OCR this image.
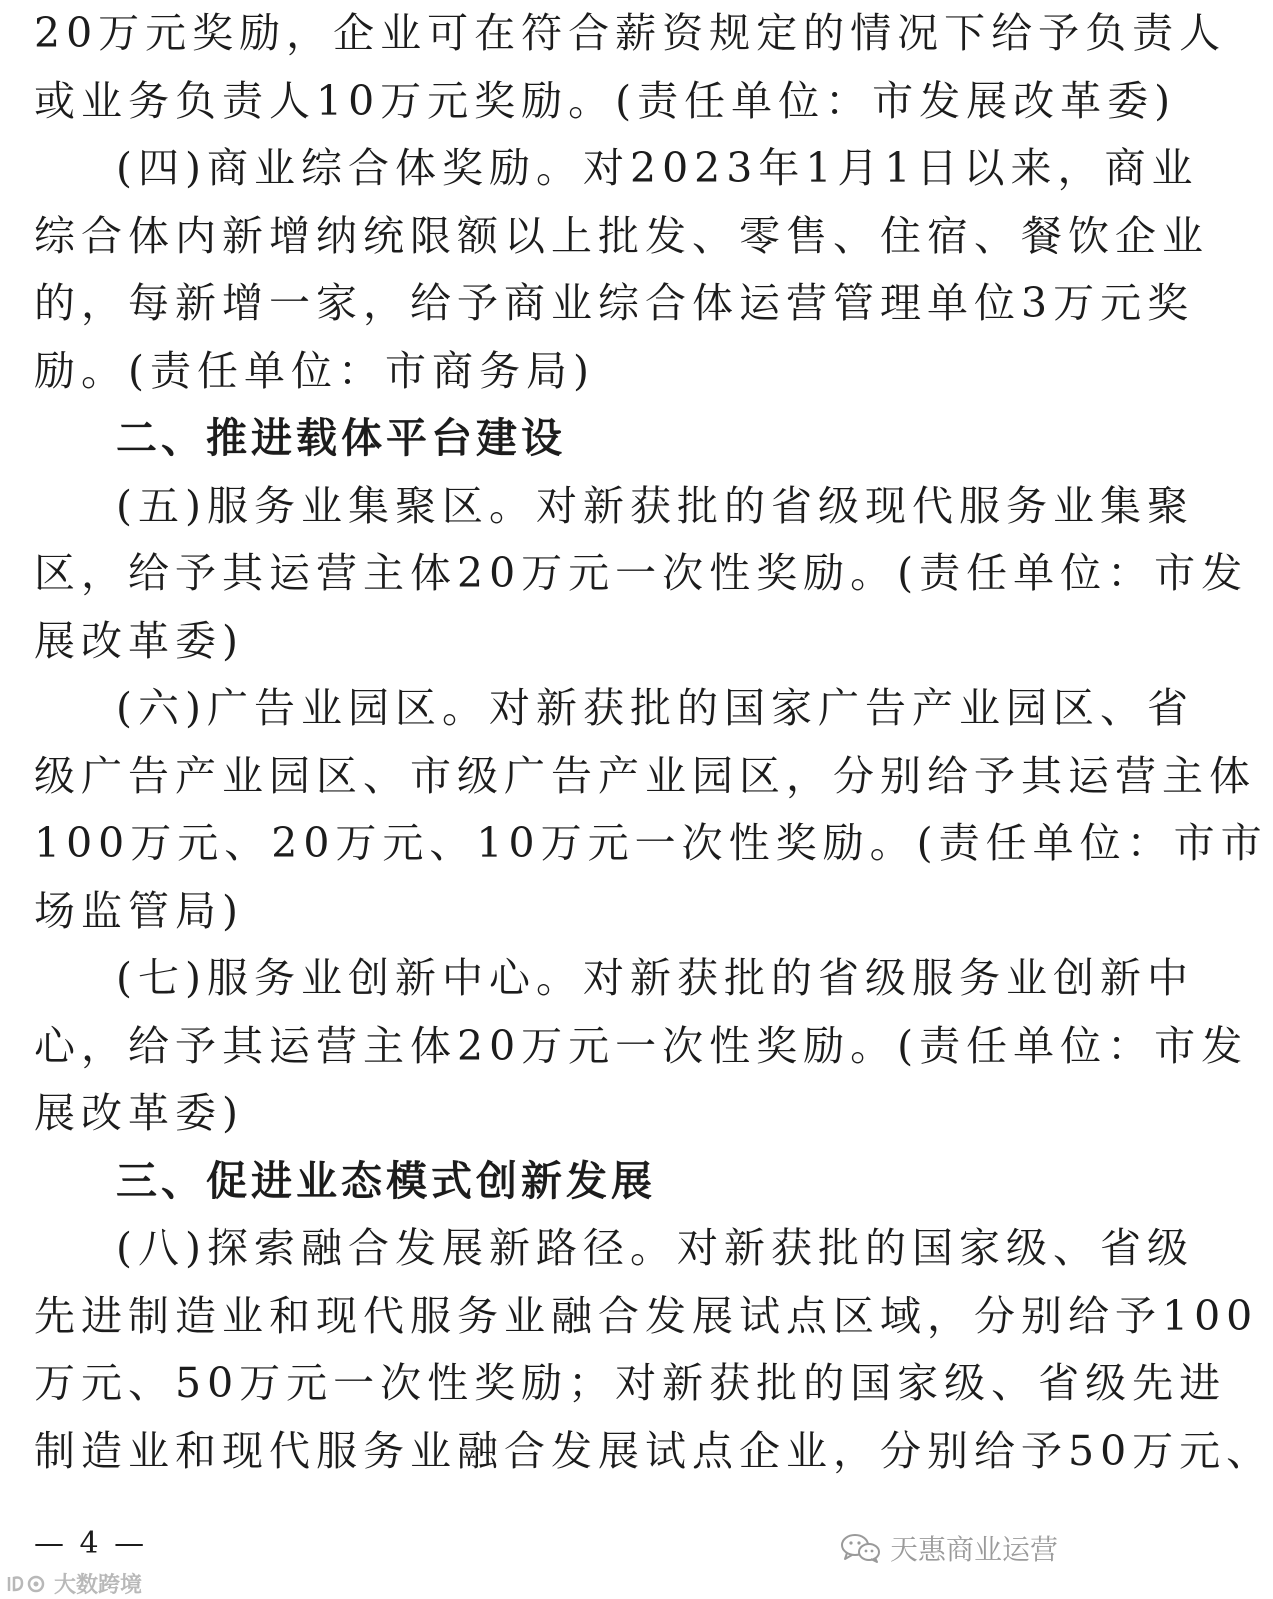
20万元奖励，企业可在符合薪资规定的情况下给予负责人
或业务负责人10万元奖励。(责任单位：市发展改革委)
(四)商业综合体奖励。对2023年1月1日以来，商业
综合体内新增纳统限额以上批发、零售、住宿、餐饮企业
的，每新增一家，给予商业综合体运营管理单位3万元奖
励。(责任单位：市商务局)
二、推进载体平台建设
(五)服务业集聚区。对新获批的省级现代服务业集聚
区，给予其运营主体20万元一次性奖励。(责任单位：市发
展改革委)
(六)广告业园区。对新获批的国家广告产业园区、省
级广告产业园区、市级广告产业园区，分别给予其运营主体
100万元、20万元、10万元一次性奖励。(责任单位：市市
场监管局)
(七)服务业创新中心。对新获批的省级服务业创新中
心，给予其运营主体20万元一次性奖励。(责任单位：市发
展改革委)
三、促进业态模式创新发展
(八)探索融合发展新路径。对新获批的国家级、省级
先进制造业和现代服务业融合发展试点区域，分别给予100
万元、50万元一次性奖励；对新获批的国家级、省级先进
制造业和现代服务业融合发展试点企业，分别给予50万元、
— 4 —	天惠商业运营
大数跨境
